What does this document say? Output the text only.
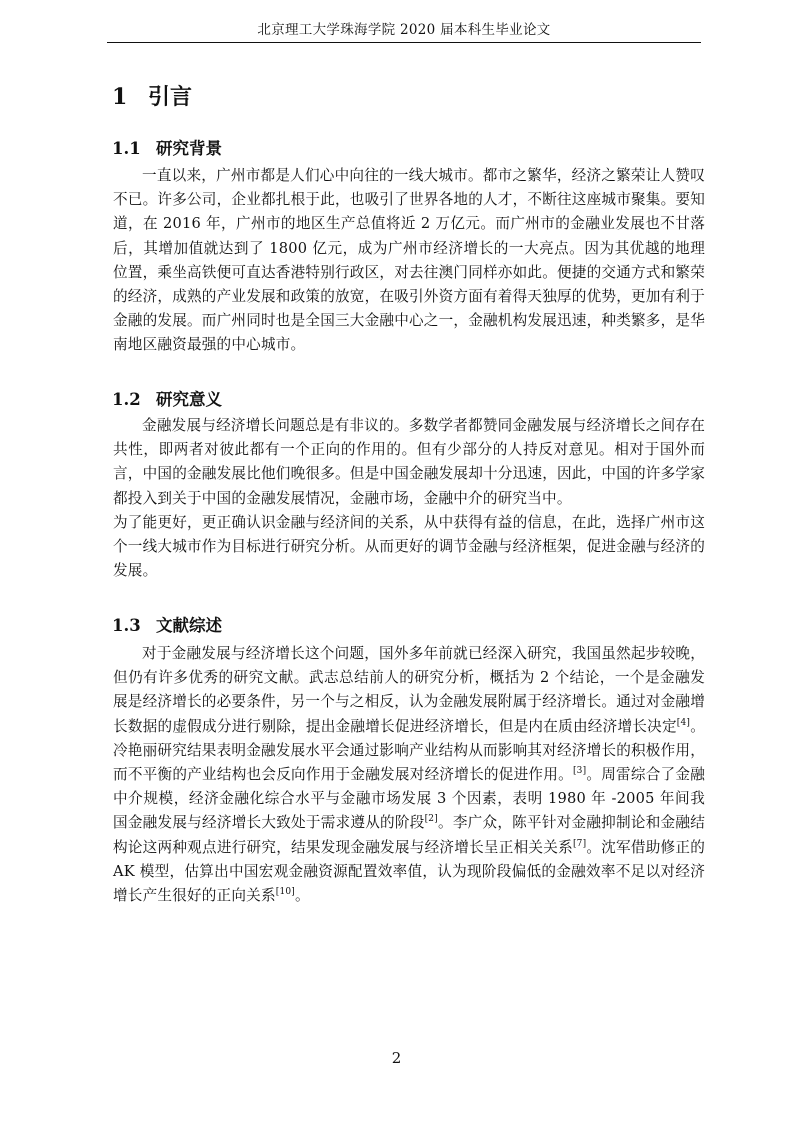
北京理工大学珠海学院 2020 届本科生毕业论文
1 引言
1.1 研究背景

一直以来，广州市都是人们心中向往的一线大城市。都市之繁华，经济之繁荣让人赞叹不已。许多公司，企业都扎根于此，也吸引了世界各地的人才，不断往这座城市聚集。要知道，在 2016 年，广州市的地区生产总值将近 2 万亿元。而广州市的金融业发展也不甘落后，其增加值就达到了 1800 亿元，成为广州市经济增长的一大亮点。因为其优越的地理位置，乘坐高铁便可直达香港特别行政区，对去往澳门同样亦如此。便捷的交通方式和繁荣的经济，成熟的产业发展和政策的放宽，在吸引外资方面有着得天独厚的优势，更加有利于金融的发展。而广州同时也是全国三大金融中心之一，金融机构发展迅速，种类繁多，是华南地区融资最强的中心城市。

1.2 研究意义

金融发展与经济增长问题总是有非议的。多数学者都赞同金融发展与经济增长之间存在共性，即两者对彼此都有一个正向的作用的。但有少部分的人持反对意见。相对于国外而言，中国的金融发展比他们晚很多。但是中国金融发展却十分迅速，因此，中国的许多学家都投入到关于中国的金融发展情况，金融市场，金融中介的研究当中。

为了能更好，更正确认识金融与经济间的关系，从中获得有益的信息，在此，选择广州市这个一线大城市作为目标进行研究分析。从而更好的调节金融与经济框架，促进金融与经济的发展。

1.3 文献综述

对于金融发展与经济增长这个问题，国外多年前就已经深入研究，我国虽然起步较晚，但仍有许多优秀的研究文献。武志总结前人的研究分析，概括为 2 个结论，一个是金融发展是经济增长的必要条件，另一个与之相反，认为金融发展附属于经济增长。通过对金融增长数据的虚假成分进行剔除，提出金融增长促进经济增长，但是内在质由经济增长决定[4]。冷艳丽研究结果表明金融发展水平会通过影响产业结构从而影响其对经济增长的积极作用，而不平衡的产业结构也会反向作用于金融发展对经济增长的促进作用。[3]。周雷综合了金融中介规模，经济金融化综合水平与金融市场发展 3 个因素，表明 1980 年 -2005 年间我国金融发展与经济增长大致处于需求遵从的阶段[2]。李广众，陈平针对金融抑制论和金融结构论这两种观点进行研究，结果发现金融发展与经济增长呈正相关关系[7]。沈军借助修正的 AK 模型，估算出中国宏观金融资源配置效率值，认为现阶段偏低的金融效率不足以对经济增长产生很好的正向关系[10]。

2
